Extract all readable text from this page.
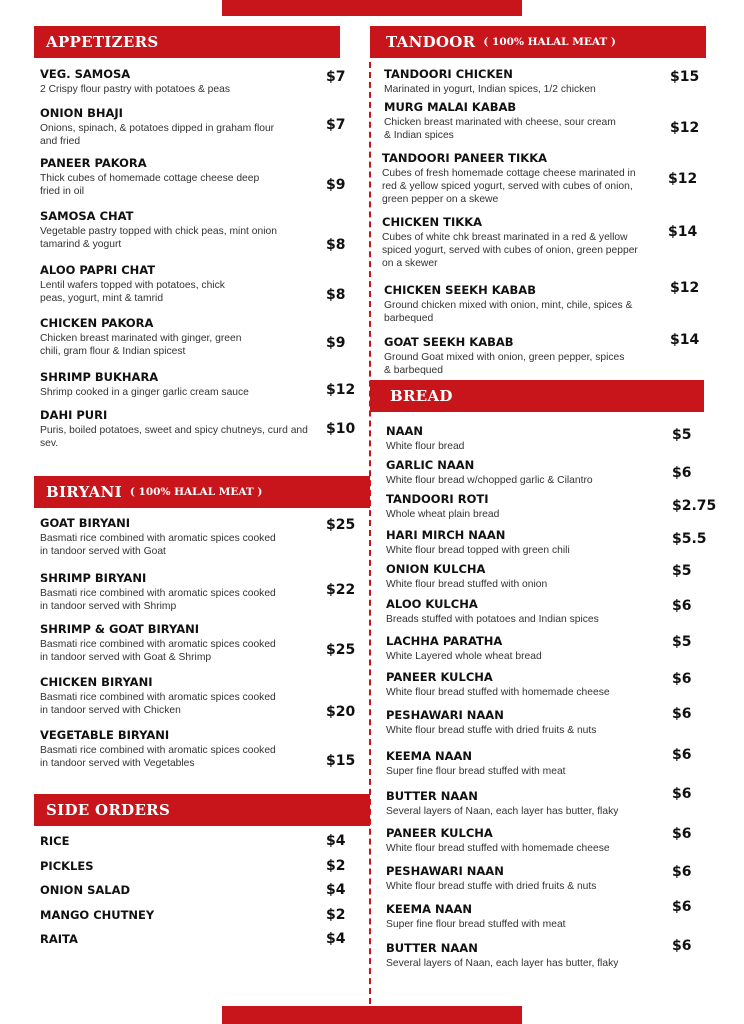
APPETIZERS
VEG. SAMOSA
2 Crispy flour pastry with potatoes & peas
$7
ONION BHAJI
Onions, spinach, & potatoes dipped in graham flour and fried
$7
PANEER PAKORA
Thick cubes of homemade cottage cheese deep fried in oil	$9
SAMOSA CHAT
Vegetable pastry topped with chick peas, mint onion tamarind & yogurt	$8
ALOO PAPRI CHAT
Lentil wafers topped with potatoes, chick peas, yogurt, mint & tamrid	$8
CHICKEN PAKORA
Chicken breast marinated with ginger, green chili, gram flour & Indian spicest
$9
SHRIMP BUKHARA
Shrimp cooked in a ginger garlic cream sauce	$12
DAHI PURI
Puris, boiled potatoes, sweet and spicy chutneys, curd and sev.
$10
BIRYANI ( 100% HALAL MEAT )
GOAT BIRYANI
Basmati rice combined with aromatic spices cooked in tandoor served with Goat
$25
SHRIMP BIRYANI
Basmati rice combined with aromatic spices cooked in tandoor served with Shrimp
$22
SHRIMP & GOAT BIRYANI
Basmati rice combined with aromatic spices cooked in tandoor served with Goat & Shrimp	$25
CHICKEN BIRYANI
Basmati rice combined with aromatic spices cooked in tandoor served with Chicken	$20
VEGETABLE BIRYANI
Basmati rice combined with aromatic spices cooked in tandoor served with Vegetables	$15
SIDE ORDERS
RICE	$4
PICKLES	$2
ONION SALAD	$4
MANGO CHUTNEY	$2
RAITA	$4
TANDOOR ( 100% HALAL MEAT )
TANDOORI CHICKEN
Marinated in yogurt, Indian spices, 1/2 chicken
$15
MURG MALAI KABAB
Chicken breast marinated with cheese, sour cream & Indian spices	$12
TANDOORI PANEER TIKKA
Cubes of fresh homemade cottage cheese marinated in red & yellow spiced yogurt, served with cubes of onion, green pepper on a skewe
$12
CHICKEN TIKKA
Cubes of white chk breast marinated in a red & yellow spiced yogurt, served with cubes of onion, green pepper on a skewer
$14
CHICKEN SEEKH KABAB
Ground chicken mixed with onion, mint, chile, spices & barbequed
$12
GOAT SEEKH KABAB
Ground Goat mixed with onion, green pepper, spices & barbequed
$14
BREAD
NAAN
White flour bread
$5
GARLIC NAAN
White flour bread w/chopped garlic & Cilantro	$6
TANDOORI ROTI
Whole wheat plain bread
$2.75
HARI MIRCH NAAN
White flour bread topped with green chili
$5.5
ONION KULCHA
White flour bread stuffed with onion
$5
ALOO KULCHA
Breads stuffed with potatoes and Indian spices
$6
LACHHA PARATHA
White Layered whole wheat bread
$5
PANEER KULCHA
White flour bread stuffed with homemade cheese
$6
PESHAWARI NAAN
White flour bread stuffe with dried fruits & nuts
$6
KEEMA NAAN
Super fine flour bread stuffed with meat
$6
BUTTER NAAN
Several layers of Naan, each layer has butter, flaky
$6
PANEER KULCHA
White flour bread stuffed with homemade cheese
$6
PESHAWARI NAAN
White flour bread stuffe with dried fruits & nuts
$6
KEEMA NAAN
Super fine flour bread stuffed with meat
$6
BUTTER NAAN
Several layers of Naan, each layer has butter, flaky
$6
